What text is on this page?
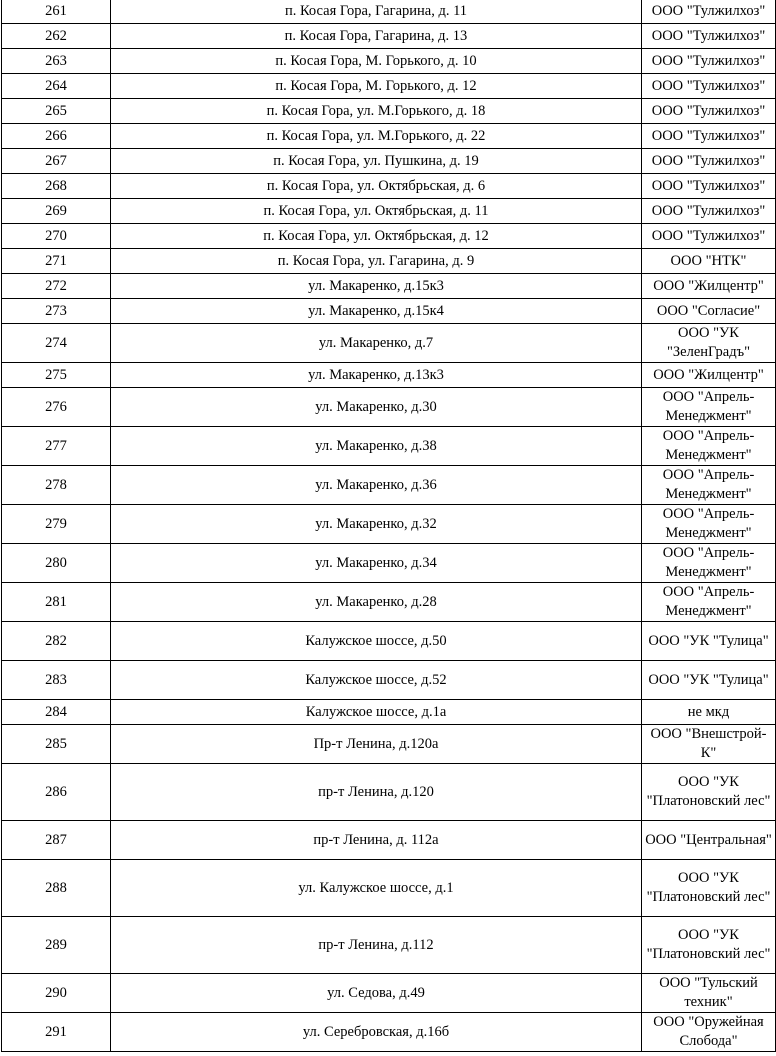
261	п. Косая Гора, Гагарина, д. 11	ООО "Тулжилхоз"
262	п. Косая Гора, Гагарина, д. 13	ООО "Тулжилхоз"
263	п. Косая Гора, М. Горького, д. 10	ООО "Тулжилхоз"
264	п. Косая Гора, М. Горького, д. 12	ООО "Тулжилхоз"
265	п. Косая Гора, ул. М.Горького, д. 18	ООО "Тулжилхоз"
266	п. Косая Гора, ул. М.Горького, д. 22	ООО "Тулжилхоз"
267	п. Косая Гора, ул. Пушкина, д. 19	ООО "Тулжилхоз"
268	п. Косая Гора, ул. Октябрьская, д. 6	ООО "Тулжилхоз"
269	п. Косая Гора, ул. Октябрьская, д. 11	ООО "Тулжилхоз"
270	п. Косая Гора, ул. Октябрьская, д. 12	ООО "Тулжилхоз"
271	п. Косая Гора, ул. Гагарина, д. 9	ООО "НТК"
272	ул. Макаренко, д.15к3	ООО "Жилцентр"
273	ул. Макаренко, д.15к4	ООО "Согласие"
274	ул. Макаренко, д.7	ООО "УК "ЗеленГрадъ"
275	ул. Макаренко, д.13к3	ООО "Жилцентр"
276	ул. Макаренко, д.30	ООО "Апрель-Менеджмент"
277	ул. Макаренко, д.38	ООО "Апрель-Менеджмент"
278	ул. Макаренко, д.36	ООО "Апрель-Менеджмент"
279	ул. Макаренко, д.32	ООО "Апрель-Менеджмент"
280	ул. Макаренко, д.34	ООО "Апрель-Менеджмент"
281	ул. Макаренко, д.28	ООО "Апрель-Менеджмент"
282	Калужское шоссе, д.50	ООО "УК "Тулица"
283	Калужское шоссе, д.52	ООО "УК "Тулица"
284	Калужское шоссе, д.1а	не мкд
285	Пр-т Ленина, д.120а	ООО "Внешстрой-К"
286	пр-т Ленина, д.120	ООО "УК "Платоновский лес"
287	пр-т Ленина, д. 112а	ООО "Центральная"
288	ул. Калужское шоссе, д.1	ООО "УК "Платоновский лес"
289	пр-т Ленина, д.112	ООО "УК "Платоновский лес"
290	ул. Седова, д.49	ООО "Тульский техник"
291	ул. Серебровская, д.16б	ООО "Оружейная Слобода"
